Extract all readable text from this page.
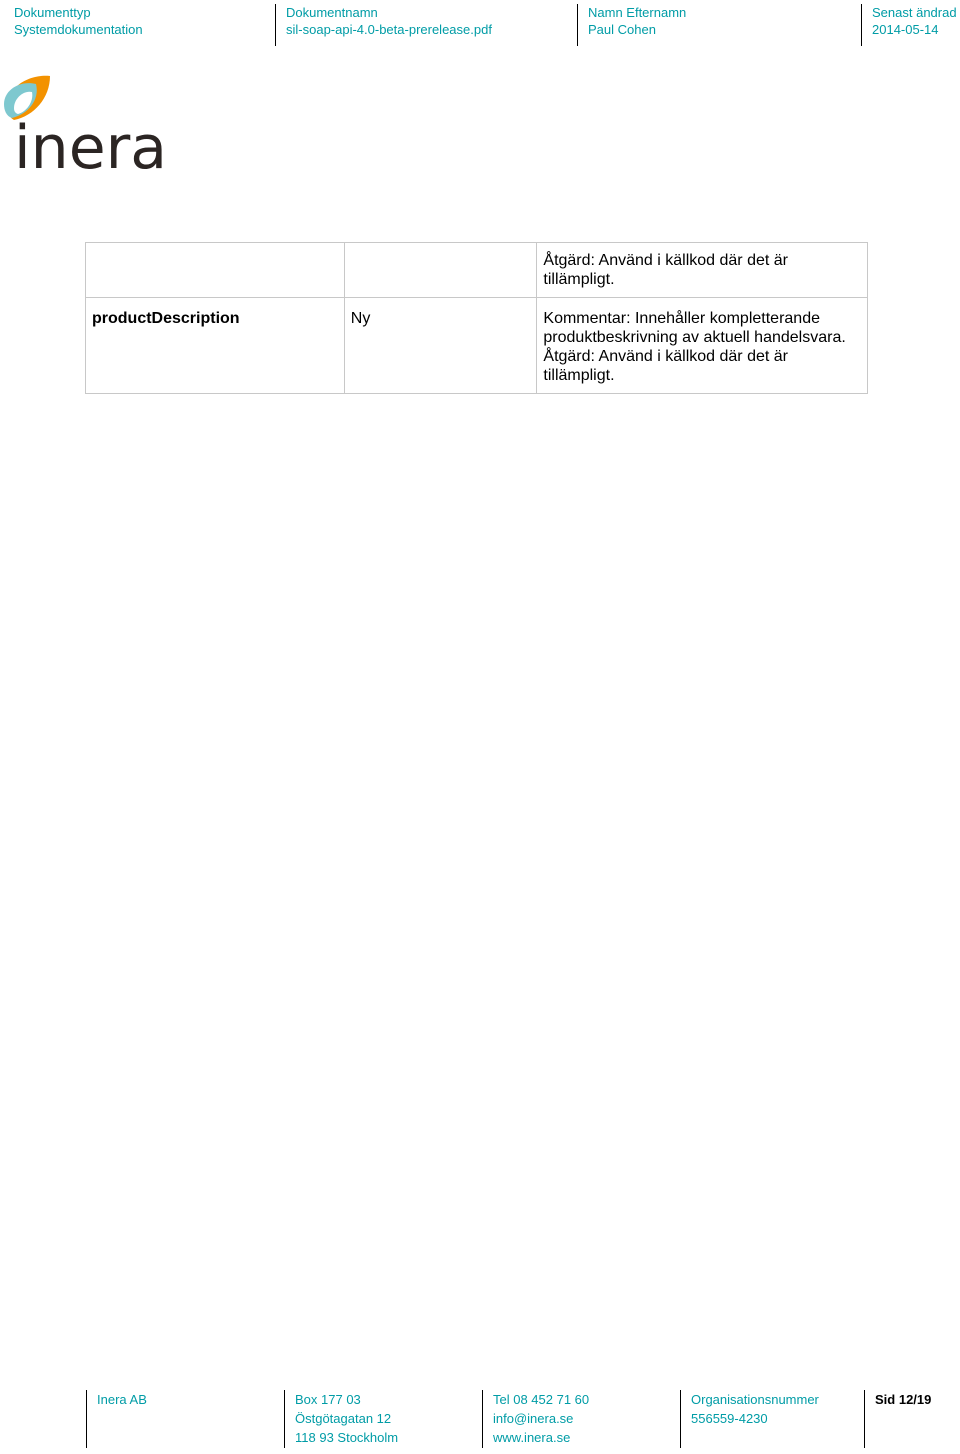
Dokumenttyp
Systemdokumentation
Dokumentnamn
sil-soap-api-4.0-beta-prerelease.pdf
Namn Efternamn
Paul Cohen
Senast ändrad
2014-05-14
inera

		Åtgärd: Använd i källkod där det är
tillämpligt.

productDescription	Ny	Kommentar: Innehåller kompletterande
produktbeskrivning av aktuell handelsvara.
Åtgärd: Använd i källkod där det är
tillämpligt.
Inera AB	Box 177 03
Östgötagatan 12
118 93 Stockholm
Tel 08 452 71 60
info@inera.se
www.inera.se
Organisationsnummer
556559-4230
Sid 12/19
